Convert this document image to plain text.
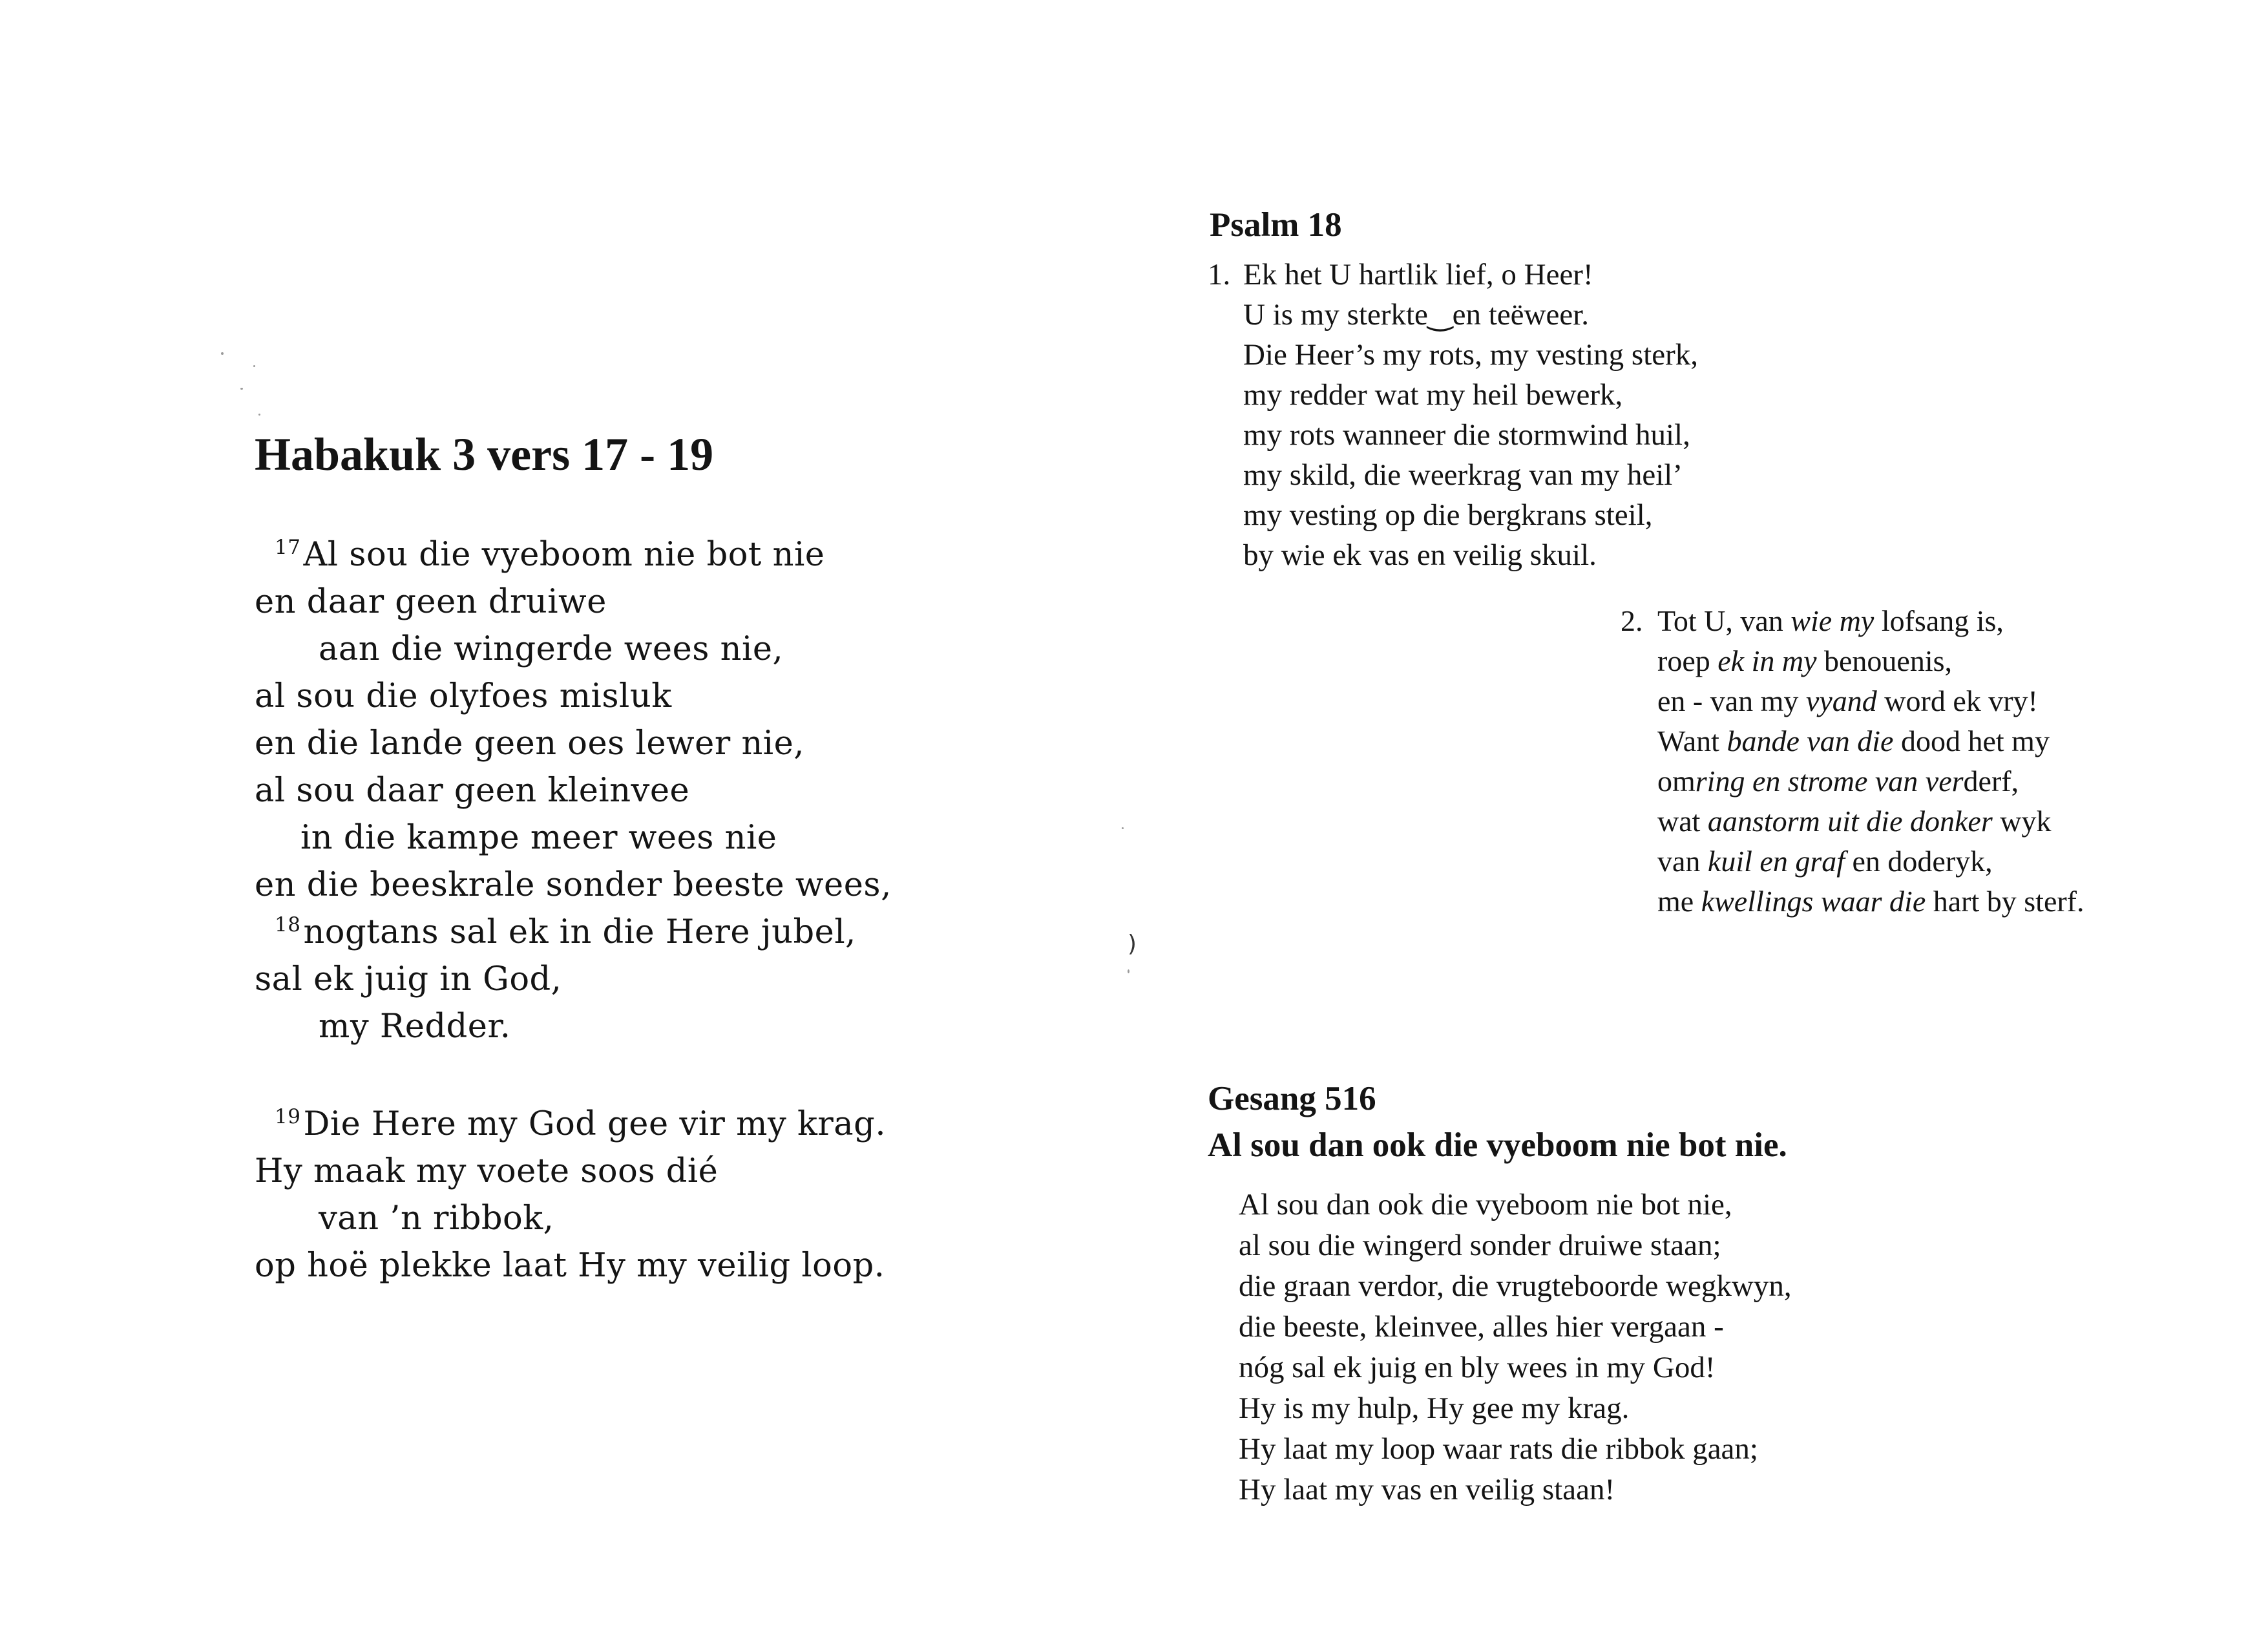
Habakuk 3 vers 17 - 19
$^{17}$Al sou die vyeboom nie bot nie
en daar geen druiwe
aan die wingerde wees nie,
al sou die olyfoes misluk
en die lande geen oes lewer nie,
al sou daar geen kleinvee
in die kampe meer wees nie
en die beeskrale sonder beeste wees,
$^{18}$nogtans sal ek in die Here jubel,
sal ek juig in God,
my Redder.
$^{19}$Die Here my God gee vir my krag.
Hy maak my voete soos dié
van ’n ribbok,
op hoë plekke laat Hy my veilig loop.
Psalm 18
1. Ek het U hartlik lief, o Heer!
U is my sterkte‿en teëweer.
Die Heer’s my rots, my vesting sterk,
my redder wat my heil bewerk,
my rots wanneer die stormwind huil,
my skild, die weerkrag van my heil’
my vesting op die bergkrans steil,
by wie ek vas en veilig skuil.
2. Tot U, van wie my lofsang is,
roep ek in my benouenis,
en - van my vyand word ek vry!
Want bande van die dood het my
omring en strome van verderf,
wat aanstorm uit die donker wyk
van kuil en graf en doderyk,
me kwellings waar die hart by sterf.
Gesang 516
Al sou dan ook die vyeboom nie bot nie.
Al sou dan ook die vyeboom nie bot nie,
al sou die wingerd sonder druiwe staan;
die graan verdor, die vrugteboorde wegkwyn,
die beeste, kleinvee, alles hier vergaan -
nóg sal ek juig en bly wees in my God!
Hy is my hulp, Hy gee my krag.
Hy laat my loop waar rats die ribbok gaan;
Hy laat my vas en veilig staan!
)
